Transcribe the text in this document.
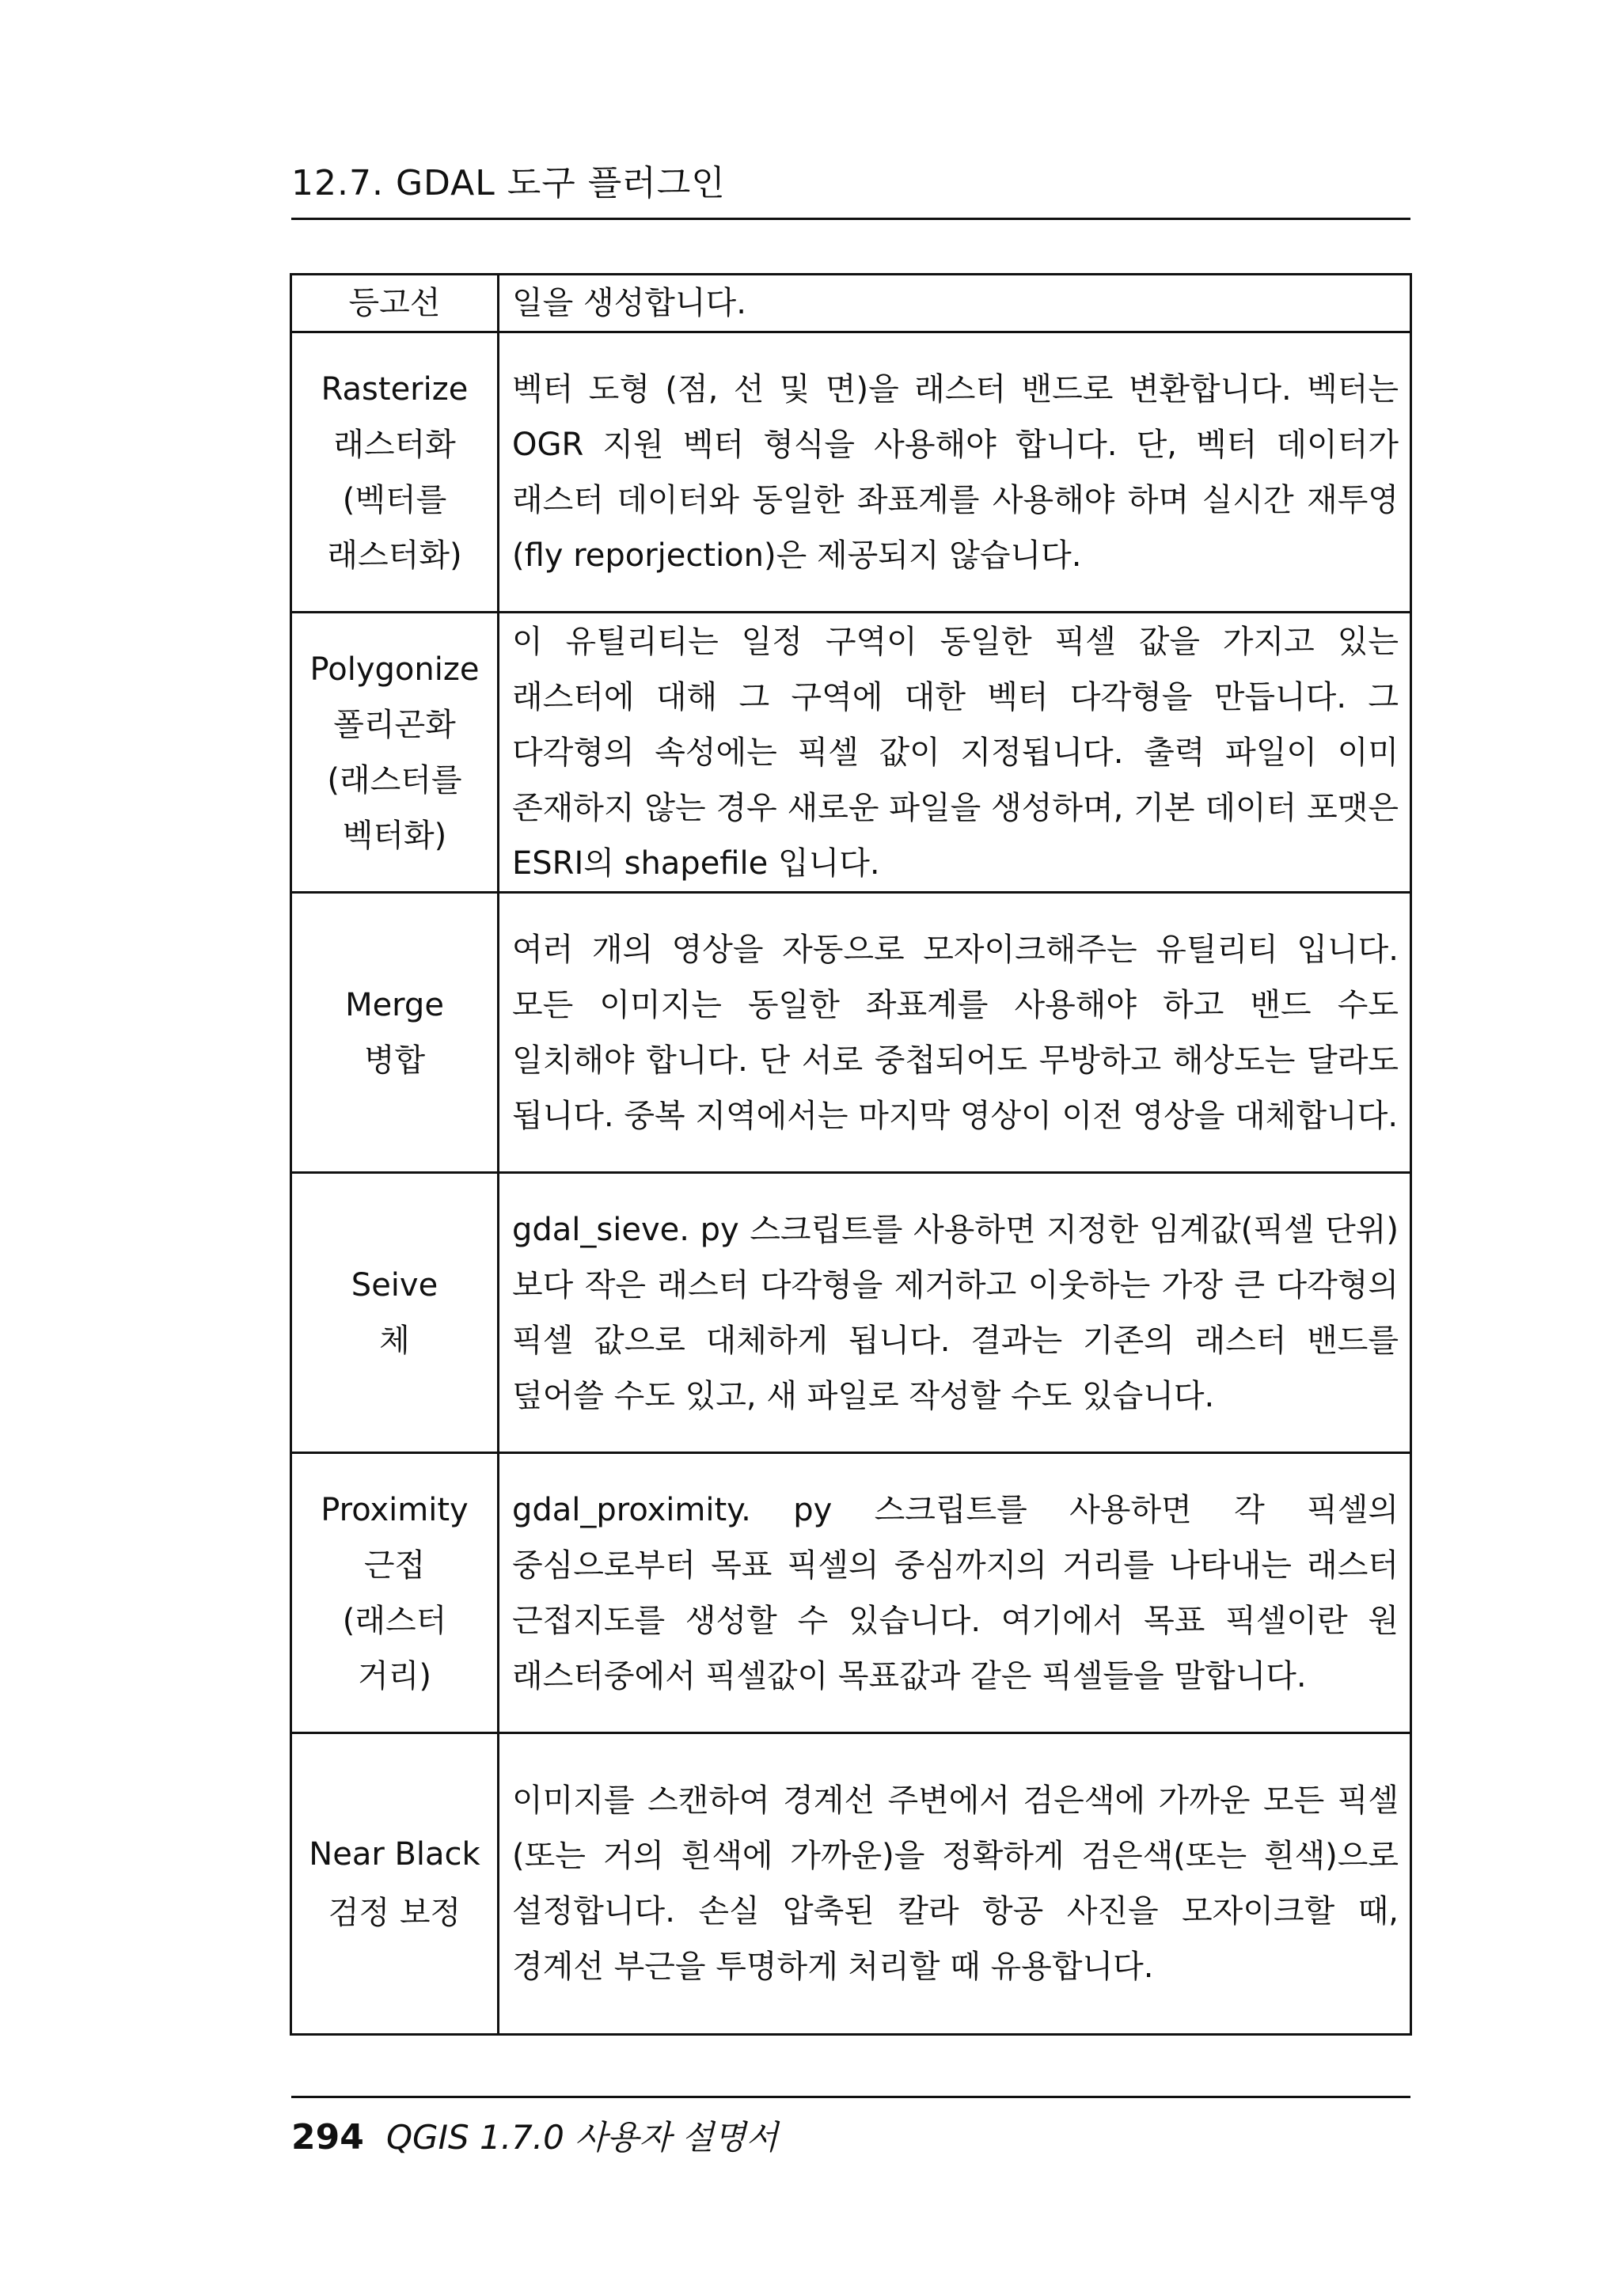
12.7. GDAL 도구 플러그인
등고선	일을 생성합니다.

Rasterize
래스터화
(벡터를
래스터화)	벡터 도형 (점, 선 및 면)을 래스터 밴드로 변환합니다. 벡터는 OGR 지원 벡터 형식을 사용해야 합니다. 단, 벡터 데이터가 래스터 데이터와 동일한 좌표계를 사용해야 하며 실시간 재투영(fly reporjection)은 제공되지 않습니다.

Polygonize
폴리곤화
(래스터를
벡터화)	이 유틸리티는 일정 구역이 동일한 픽셀 값을 가지고 있는 래스터에 대해 그 구역에 대한 벡터 다각형을 만듭니다. 그 다각형의 속성에는 픽셀 값이 지정됩니다. 출력 파일이 이미 존재하지 않는 경우 새로운 파일을 생성하며, 기본 데이터 포맷은 ESRI의 shapefile 입니다.

Merge
병합	여러 개의 영상을 자동으로 모자이크해주는 유틸리티 입니다. 모든 이미지는 동일한 좌표계를 사용해야 하고 밴드 수도 일치해야 합니다. 단 서로 중첩되어도 무방하고 해상도는 달라도 됩니다. 중복 지역에서는 마지막 영상이 이전 영상을 대체합니다.

Seive
체	gdal_sieve. py 스크립트를 사용하면 지정한 임계값(픽셀 단위)보다 작은 래스터 다각형을 제거하고 이웃하는 가장 큰 다각형의 픽셀 값으로 대체하게 됩니다. 결과는 기존의 래스터 밴드를 덮어쓸 수도 있고, 새 파일로 작성할 수도 있습니다.

Proximity
근접
(래스터
거리)	gdal_proximity. py 스크립트를 사용하면 각 픽셀의 중심으로부터 목표 픽셀의 중심까지의 거리를 나타내는 래스터 근접지도를 생성할 수 있습니다. 여기에서 목표 픽셀이란 원 래스터중에서 픽셀값이 목표값과 같은 픽셀들을 말합니다.

Near Black
검정 보정	이미지를 스캔하여 경계선 주변에서 검은색에 가까운 모든 픽셀(또는 거의 흰색에 가까운)을 정확하게 검은색(또는 흰색)으로 설정합니다. 손실 압축된 칼라 항공 사진을 모자이크할 때, 경계선 부근을 투명하게 처리할 때 유용합니다.
294 QGIS 1.7.0 사용자 설명서
